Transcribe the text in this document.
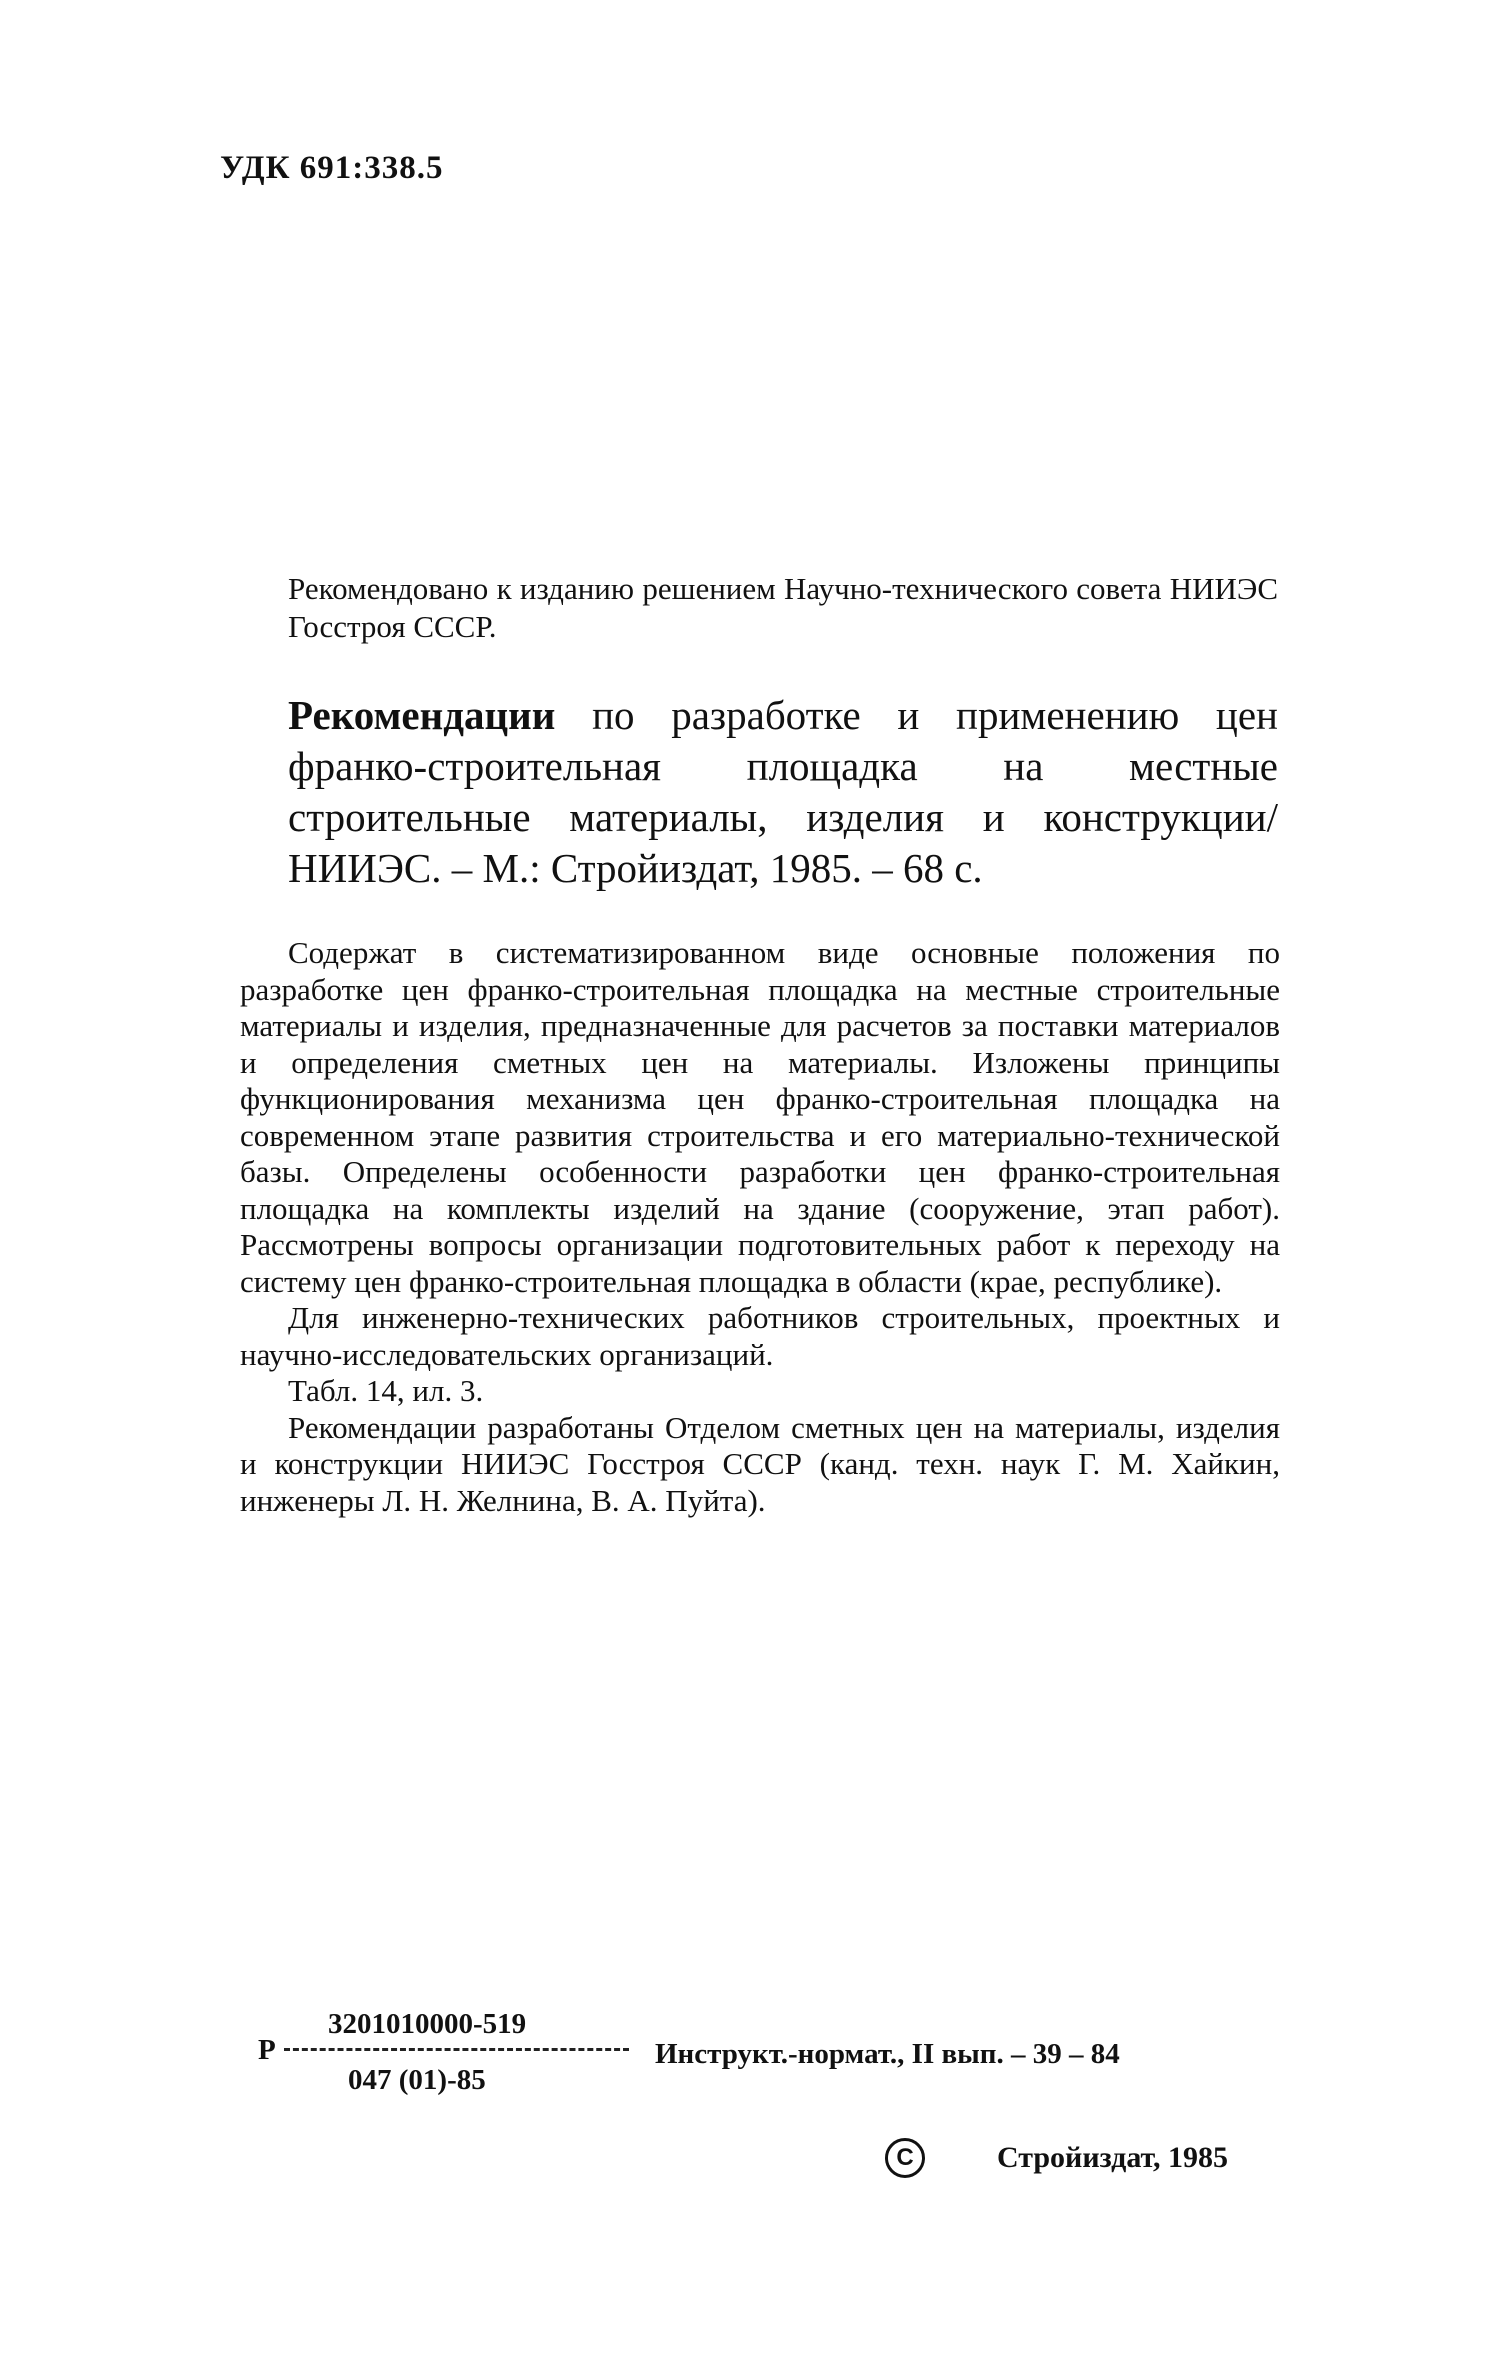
УДК 691:338.5
Рекомендовано к изданию решением Научно-технического совета НИИЭС Госстроя СССР.
Рекомендации по разработке и применению цен франко-строительная площадка на местные строительные материалы, изделия и конструкции/НИИЭС. – М.: Стройиздат, 1985. – 68 с.

Содержат в систематизированном виде основные положения по разработке цен франко-строительная площадка на местные строительные материалы и изделия, предназначенные для расчетов за поставки материалов и определения сметных цен на материалы. Изложены принципы функционирования механизма цен франко-строительная площадка на современном этапе развития строительства и его материально-технической базы. Определены особенности разработки цен франко-строительная площадка на комплекты изделий на здание (сооружение, этап работ). Рассмотрены вопросы организации подготовительных работ к переходу на систему цен франко-строительная площадка в области (крае, республике).

Для инженерно-технических работников строительных, проектных и научно-исследовательских организаций.

Табл. 14, ил. 3.

Рекомендации разработаны Отделом сметных цен на материалы, изделия и конструкции НИИЭС Госстроя СССР (канд. техн. наук Г. М. Хайкин, инженеры Л. Н. Желнина, В. А. Пуйта).

Р
3201010000-519
047 (01)-85
Инструкт.-нормат., II вып. – 39 – 84
C	Стройиздат, 1985
